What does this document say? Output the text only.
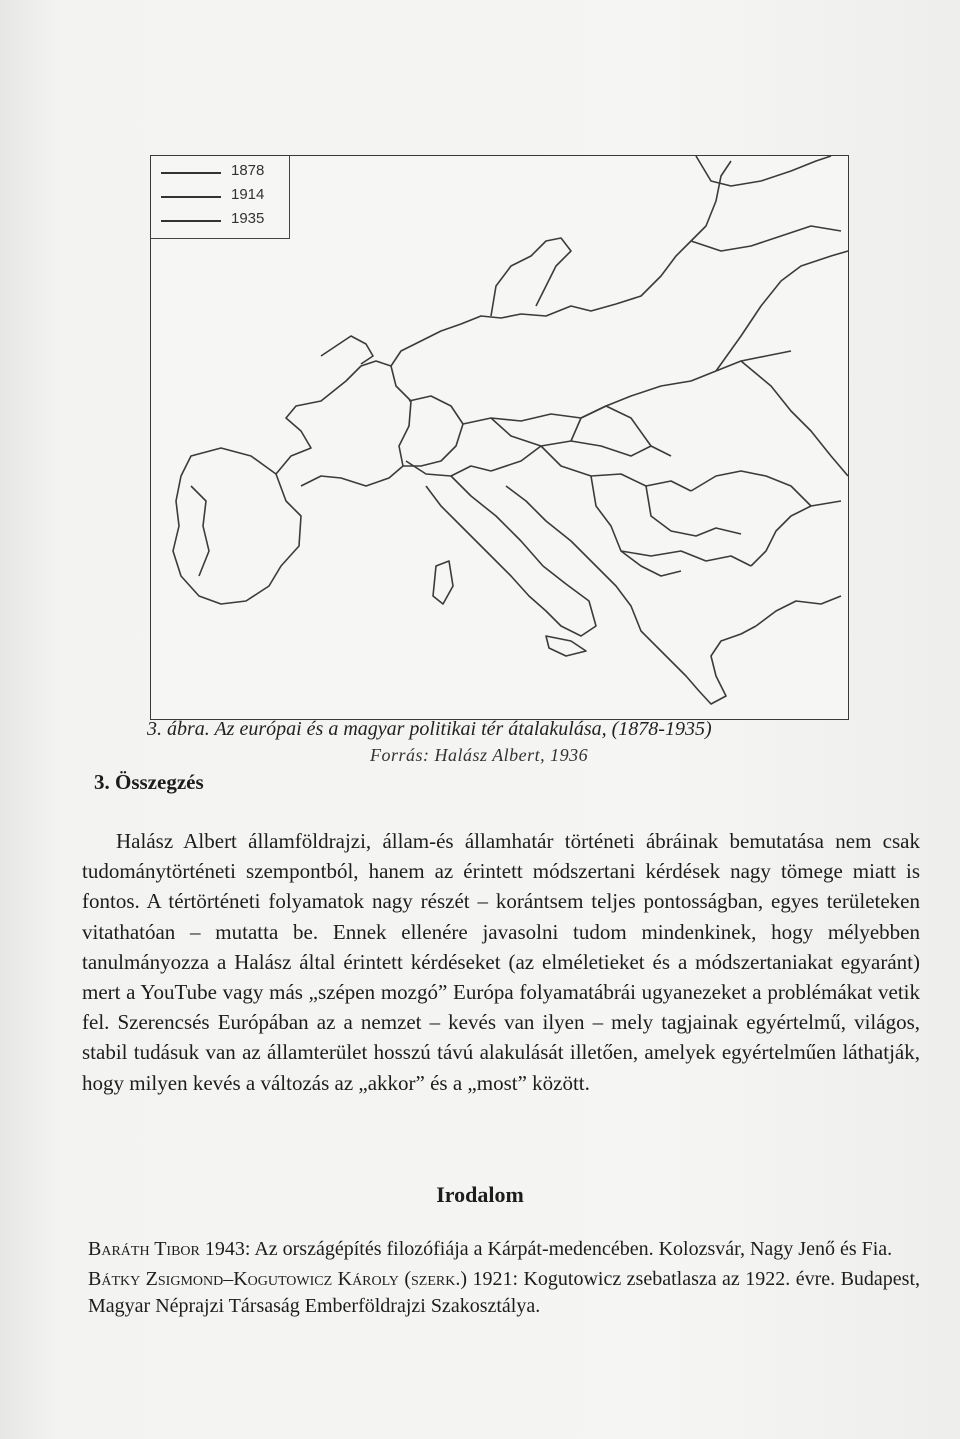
1878
1914
1935
3. ábra. Az európai és a magyar politikai tér átalakulása, (1878-1935)
Forrás: Halász Albert, 1936
3. Összegzés

Halász Albert államföldrajzi, állam-és államhatár történeti ábráinak bemutatása nem csak tudománytörténeti szempontból, hanem az érintett módszertani kérdések nagy tömege miatt is fontos. A tértörténeti folyamatok nagy részét – korántsem teljes pontosságban, egyes területeken vitathatóan – mutatta be. Ennek ellenére javasolni tudom mindenkinek, hogy mélyebben tanulmányozza a Halász által érintett kérdéseket (az elméletieket és a módszertaniakat egyaránt) mert a YouTube vagy más „szépen mozgó” Európa folyamatábrái ugyanezeket a problémákat vetik fel. Szerencsés Európában az a nemzet – kevés van ilyen – mely tagjainak egyértelmű, világos, stabil tudásuk van az államterület hosszú távú alakulását illetően, amelyek egyértelműen láthatják, hogy milyen kevés a változás az „akkor” és a „most” között.

Irodalom
Baráth Tibor 1943: Az országépítés filozófiája a Kárpát-medencében. Kolozsvár, Nagy Jenő és Fia.
Bátky Zsigmond–Kogutowicz Károly (szerk.) 1921: Kogutowicz zsebatlasza az 1922. évre. Budapest, Magyar Néprajzi Társaság Emberföldrajzi Szakosztálya.
